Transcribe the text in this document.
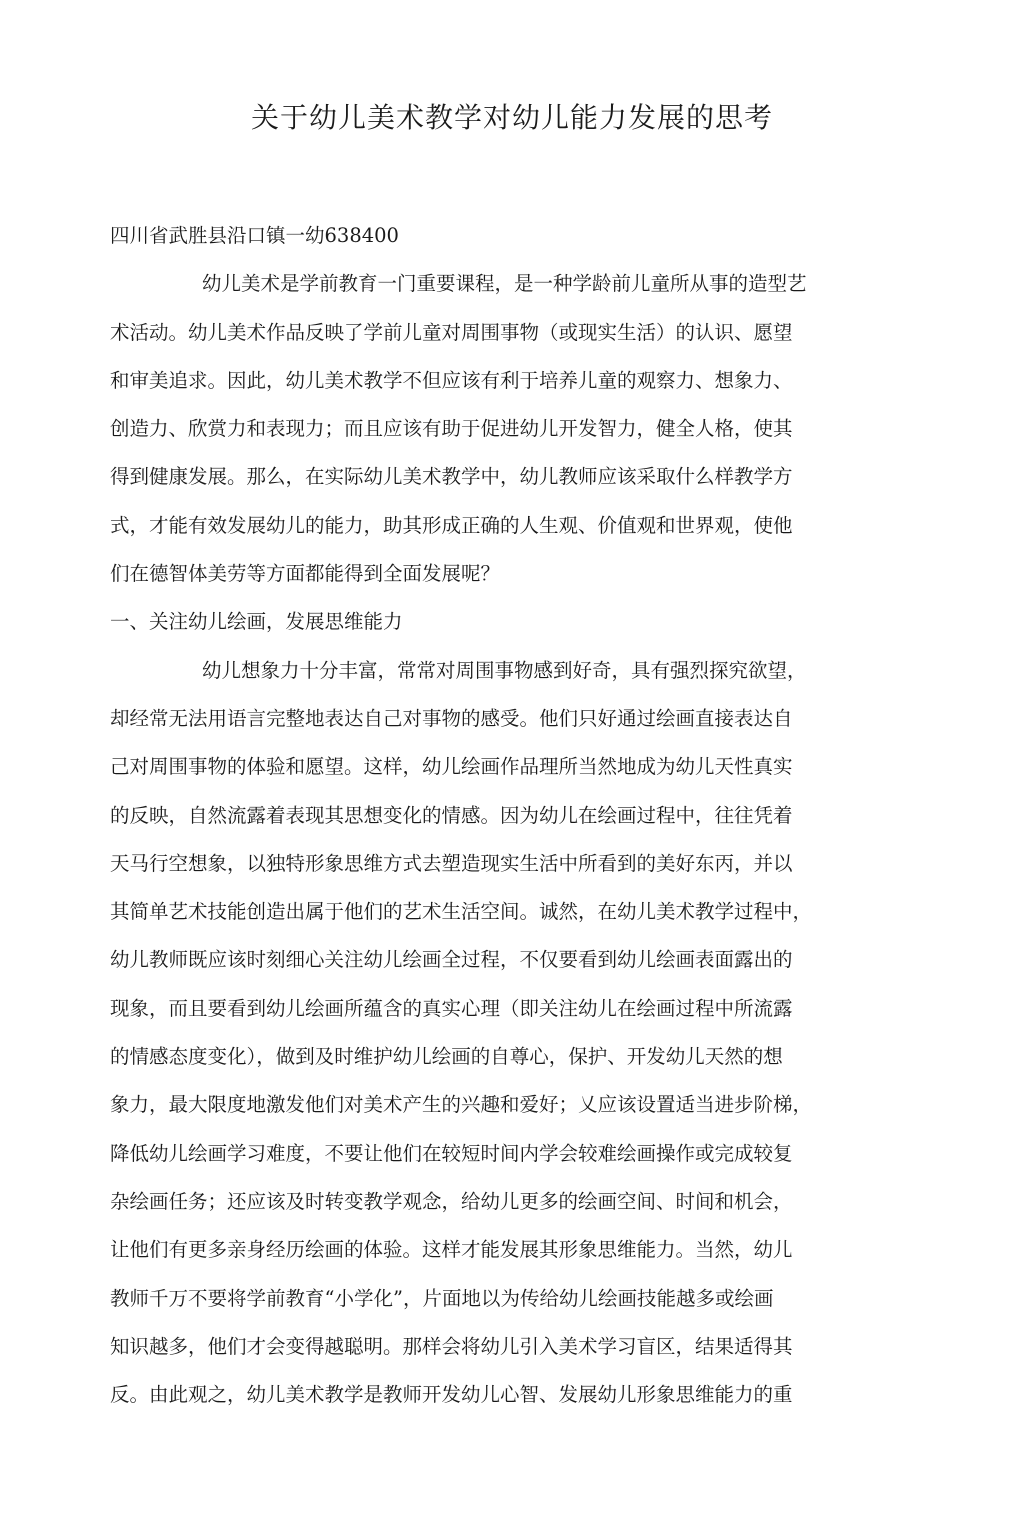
关于幼儿美术教学对幼儿能力发展的思考
四川省武胜县沿口镇一幼638400
幼儿美术是学前教育一门重要课程，是一种学龄前儿童所从事的造型艺
术活动。幼儿美术作品反映了学前儿童对周围事物（或现实生活）的认识、愿望
和审美追求。因此，幼儿美术教学不但应该有利于培养儿童的观察力、想象力、
创造力、欣赏力和表现力；而且应该有助于促进幼儿开发智力，健全人格，使其
得到健康发展。那么，在实际幼儿美术教学中，幼儿教师应该采取什么样教学方
式，才能有效发展幼儿的能力，助其形成正确的人生观、价值观和世界观，使他
们在德智体美劳等方面都能得到全面发展呢？
一、关注幼儿绘画，发展思维能力
幼儿想象力十分丰富，常常对周围事物感到好奇，具有强烈探究欲望，
却经常无法用语言完整地表达自己对事物的感受。他们只好通过绘画直接表达自
己对周围事物的体验和愿望。这样，幼儿绘画作品理所当然地成为幼儿天性真实
的反映，自然流露着表现其思想变化的情感。因为幼儿在绘画过程中，往往凭着
天马行空想象，以独特形象思维方式去塑造现实生活中所看到的美好东丙，并以
其简单艺术技能创造出属于他们的艺术生活空间。诚然，在幼儿美术教学过程中，
幼儿教师既应该时刻细心关注幼儿绘画全过程，不仅要看到幼儿绘画表面露出的
现象，而且要看到幼儿绘画所蕴含的真实心理（即关注幼儿在绘画过程中所流露
的情感态度变化），做到及时维护幼儿绘画的自尊心，保护、开发幼儿天然的想
象力，最大限度地激发他们对美术产生的兴趣和爱好；乂应该设置适当进步阶梯，
降低幼儿绘画学习难度，不要让他们在较短时间内学会较难绘画操作或完成较复
杂绘画任务；还应该及时转变教学观念，给幼儿更多的绘画空间、时间和机会，
让他们有更多亲身经历绘画的体验。这样才能发展其形象思维能力。当然，幼儿
教师千万不要将学前教育“小学化”，片面地以为传给幼儿绘画技能越多或绘画
知识越多，他们才会变得越聪明。那样会将幼儿引入美术学习盲区，结果适得其
反。由此观之，幼儿美术教学是教师开发幼儿心智、发展幼儿形象思维能力的重
